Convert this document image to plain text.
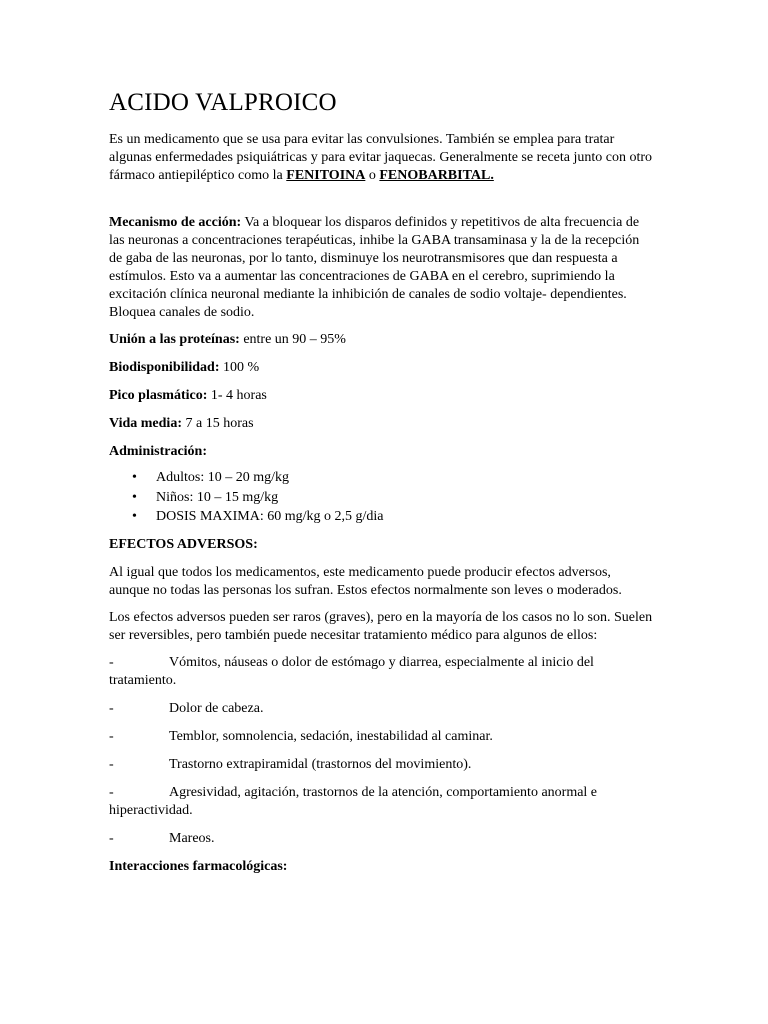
ACIDO VALPROICO

Es un medicamento que se usa para evitar las convulsiones. También se emplea para tratar algunas enfermedades psiquiátricas y para evitar jaquecas. Generalmente se receta junto con otro fármaco antiepiléptico como la FENITOINA o FENOBARBITAL.

Mecanismo de acción: Va a bloquear los disparos definidos y repetitivos de alta frecuencia de las neuronas a concentraciones terapéuticas, inhibe la GABA transaminasa y la de la recepción de gaba de las neuronas, por lo tanto, disminuye los neurotransmisores que dan respuesta a estímulos. Esto va a aumentar las concentraciones de GABA en el cerebro, suprimiendo la excitación clínica neuronal mediante la inhibición de canales de sodio voltaje- dependientes. Bloquea canales de sodio.

Unión a las proteínas: entre un 90 – 95%

Biodisponibilidad: 100 %

Pico plasmático: 1- 4 horas

Vida media: 7 a 15 horas

Administración:

• Adultos: 10 – 20 mg/kg
• Niños: 10 – 15 mg/kg
• DOSIS MAXIMA: 60 mg/kg o 2,5 g/dia

EFECTOS ADVERSOS:

Al igual que todos los medicamentos, este medicamento puede producir efectos adversos, aunque no todas las personas los sufran. Estos efectos normalmente son leves o moderados.

Los efectos adversos pueden ser raros (graves), pero en la mayoría de los casos no lo son. Suelen ser reversibles, pero también puede necesitar tratamiento médico para algunos de ellos:

-	Vómitos, náuseas o dolor de estómago y diarrea, especialmente al inicio del tratamiento.

-	Dolor de cabeza.

-	Temblor, somnolencia, sedación, inestabilidad al caminar.

-	Trastorno extrapiramidal (trastornos del movimiento).

-	Agresividad, agitación, trastornos de la atención, comportamiento anormal e hiperactividad.

-	Mareos.

Interacciones farmacológicas:
